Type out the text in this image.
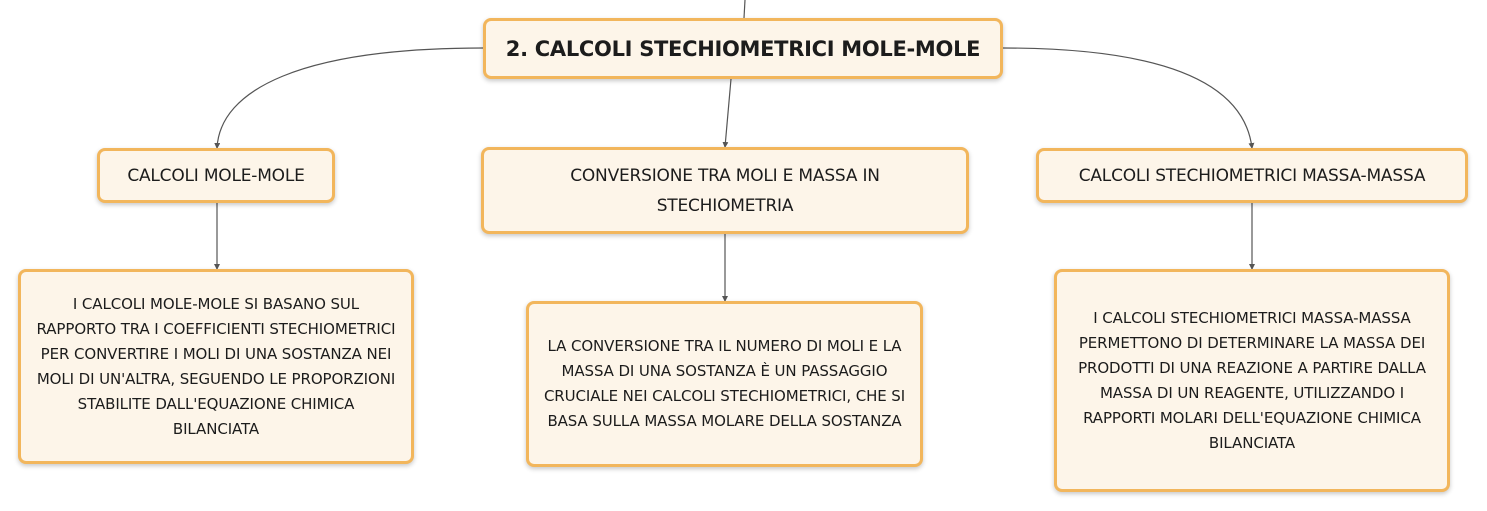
2. CALCOLI STECHIOMETRICI MOLE-MOLE
CALCOLI MOLE-MOLE	CONVERSIONE TRA MOLI E MASSA IN STECHIOMETRIA
CALCOLI STECHIOMETRICI MASSA-MASSA
I CALCOLI MOLE-MOLE SI BASANO SUL RAPPORTO TRA I COEFFICIENTI STECHIOMETRICI PER CONVERTIRE I MOLI DI UNA SOSTANZA NEI MOLI DI UN'ALTRA, SEGUENDO LE PROPORZIONI STABILITE DALL'EQUAZIONE CHIMICA BILANCIATA
LA CONVERSIONE TRA IL NUMERO DI MOLI E LA MASSA DI UNA SOSTANZA È UN PASSAGGIO CRUCIALE NEI CALCOLI STECHIOMETRICI, CHE SI BASA SULLA MASSA MOLARE DELLA SOSTANZA
I CALCOLI STECHIOMETRICI MASSA-MASSA PERMETTONO DI DETERMINARE LA MASSA DEI PRODOTTI DI UNA REAZIONE A PARTIRE DALLA MASSA DI UN REAGENTE, UTILIZZANDO I RAPPORTI MOLARI DELL'EQUAZIONE CHIMICA BILANCIATA
